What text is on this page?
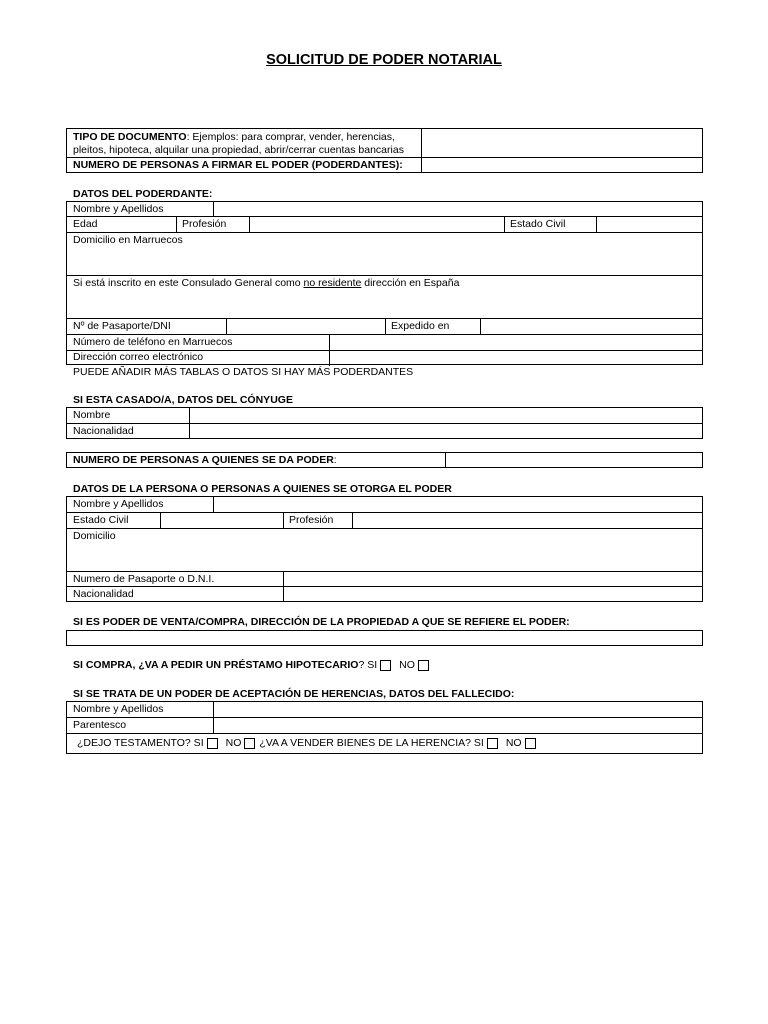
SOLICITUD DE PODER NOTARIAL
TIPO DE DOCUMENTO: Ejemplos: para comprar, vender, herencias,
pleitos, hipoteca, alquilar una propiedad, abrir/cerrar cuentas bancarias
NUMERO DE PERSONAS A FIRMAR EL PODER (PODERDANTES):
DATOS DEL PODERDANTE:
Nombre y Apellidos
Edad	Profesión	Estado Civil
Domicilio en Marruecos
Si está inscrito en este Consulado General como no residente dirección en España
Nº de Pasaporte/DNI	Expedido en
Número de teléfono en Marruecos
Dirección correo electrónico
PUEDE AÑADIR MÁS TABLAS O DATOS SI HAY MÁS PODERDANTES
SI ESTA CASADO/A, DATOS DEL CÓNYUGE
Nombre
Nacionalidad
NUMERO DE PERSONAS A QUIENES SE DA PODER:
DATOS DE LA PERSONA O PERSONAS A QUIENES SE OTORGA EL PODER
Nombre y Apellidos
Estado Civil	Profesión
Domicilio
Numero de Pasaporte o D.N.I.
Nacionalidad
SI ES PODER DE VENTA/COMPRA, DIRECCIÓN DE LA PROPIEDAD A QUE SE REFIERE EL PODER:
SI COMPRA, ¿VA A PEDIR UN PRÉSTAMO HIPOTECARIO? SI NO
SI SE TRATA DE UN PODER DE ACEPTACIÓN DE HERENCIAS, DATOS DEL FALLECIDO:
Nombre y Apellidos
Parentesco
¿DEJO TESTAMENTO? SI NO ¿VA A VENDER BIENES DE LA HERENCIA? SI NO
